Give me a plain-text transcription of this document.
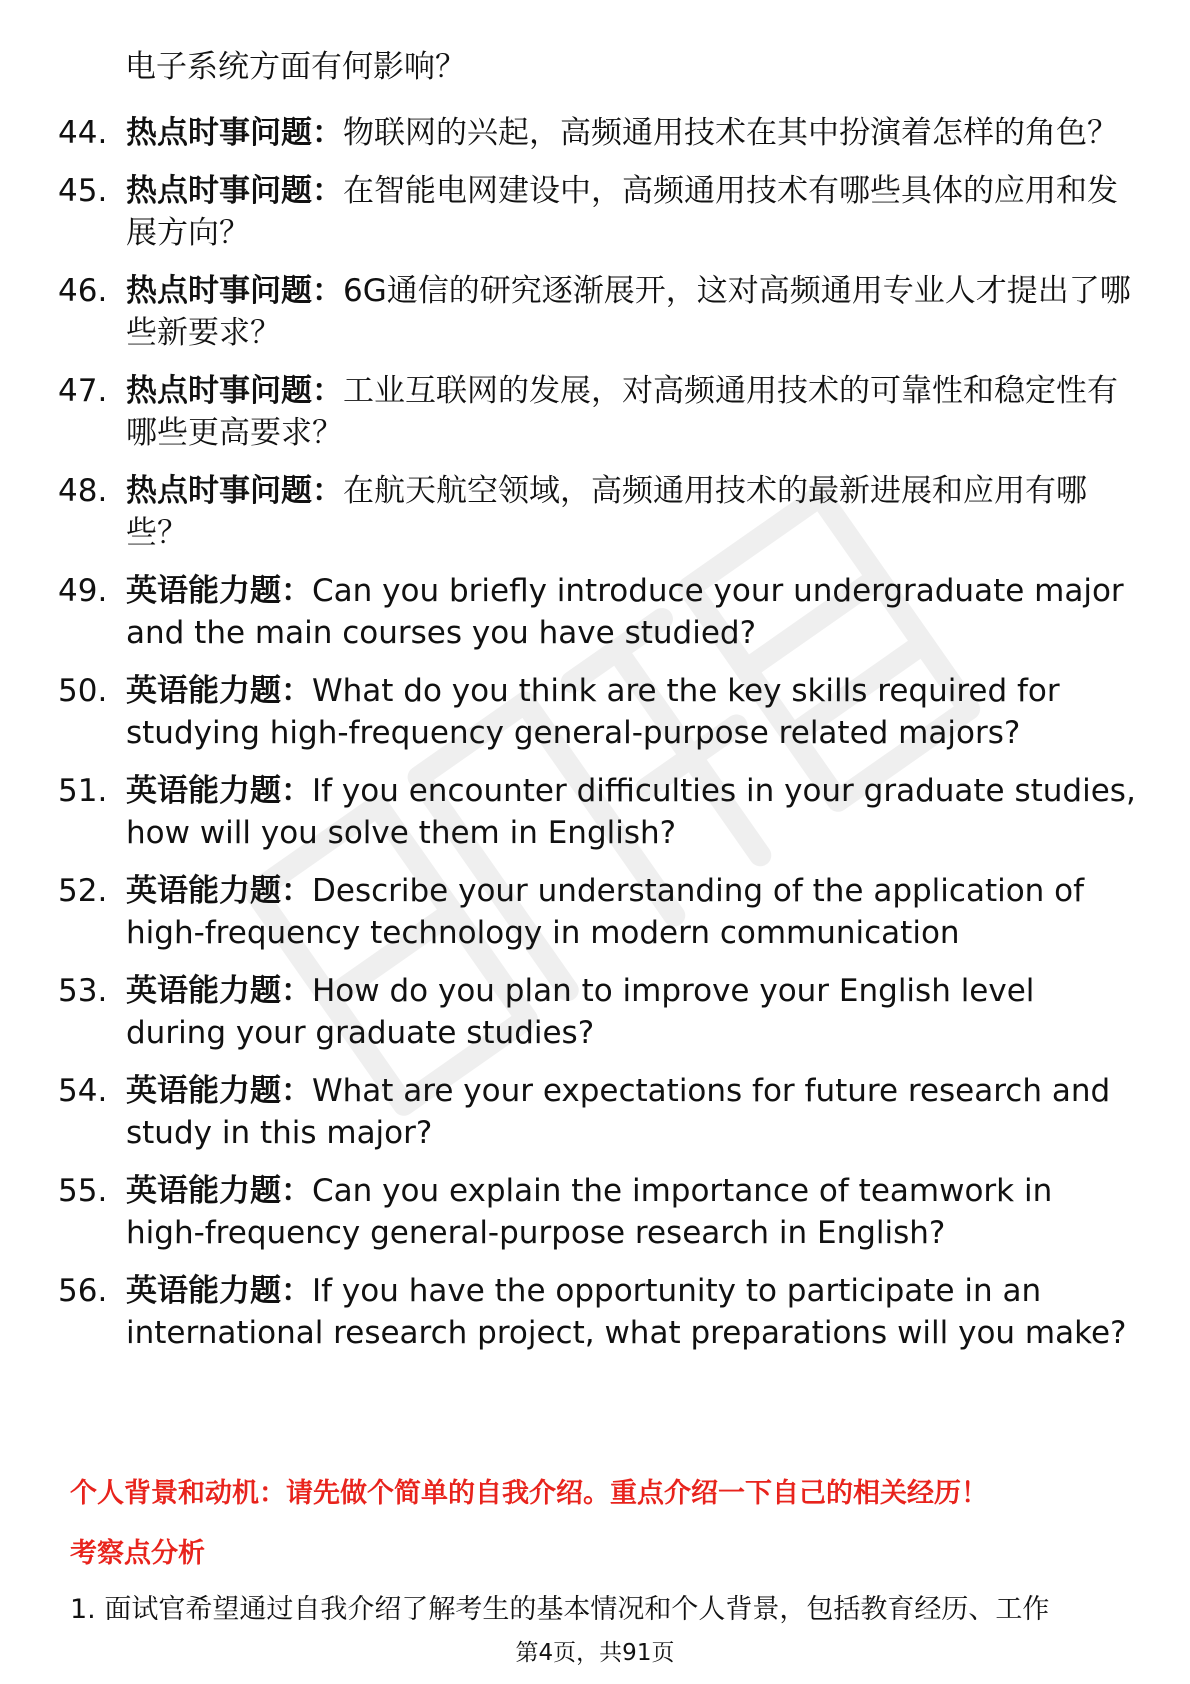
电子系统方面有何影响？
44. 热点时事问题：物联网的兴起，高频通用技术在其中扮演着怎样的角色？
45. 热点时事问题：在智能电网建设中，高频通用技术有哪些具体的应用和发展方向？
46. 热点时事问题：6G通信的研究逐渐展开，这对高频通用专业人才提出了哪些新要求？
47. 热点时事问题：工业互联网的发展，对高频通用技术的可靠性和稳定性有哪些更高要求？
48. 热点时事问题：在航天航空领域，高频通用技术的最新进展和应用有哪些？
49. 英语能力题：Can you briefly introduce your undergraduate major and the main courses you have studied?
50. 英语能力题：What do you think are the key skills required for studying high-frequency general-purpose related majors?
51. 英语能力题：If you encounter difficulties in your graduate studies, how will you solve them in English?
52. 英语能力题：Describe your understanding of the application of high-frequency technology in modern communication
53. 英语能力题：How do you plan to improve your English level during your graduate studies?
54. 英语能力题：What are your expectations for future research and study in this major?
55. 英语能力题：Can you explain the importance of teamwork in high-frequency general-purpose research in English?
56. 英语能力题：If you have the opportunity to participate in an international research project, what preparations will you make?
个人背景和动机：请先做个简单的自我介绍。重点介绍一下自己的相关经历！
考察点分析
1. 面试官希望通过自我介绍了解考生的基本情况和个人背景，包括教育经历、工作
第4页，共91页
